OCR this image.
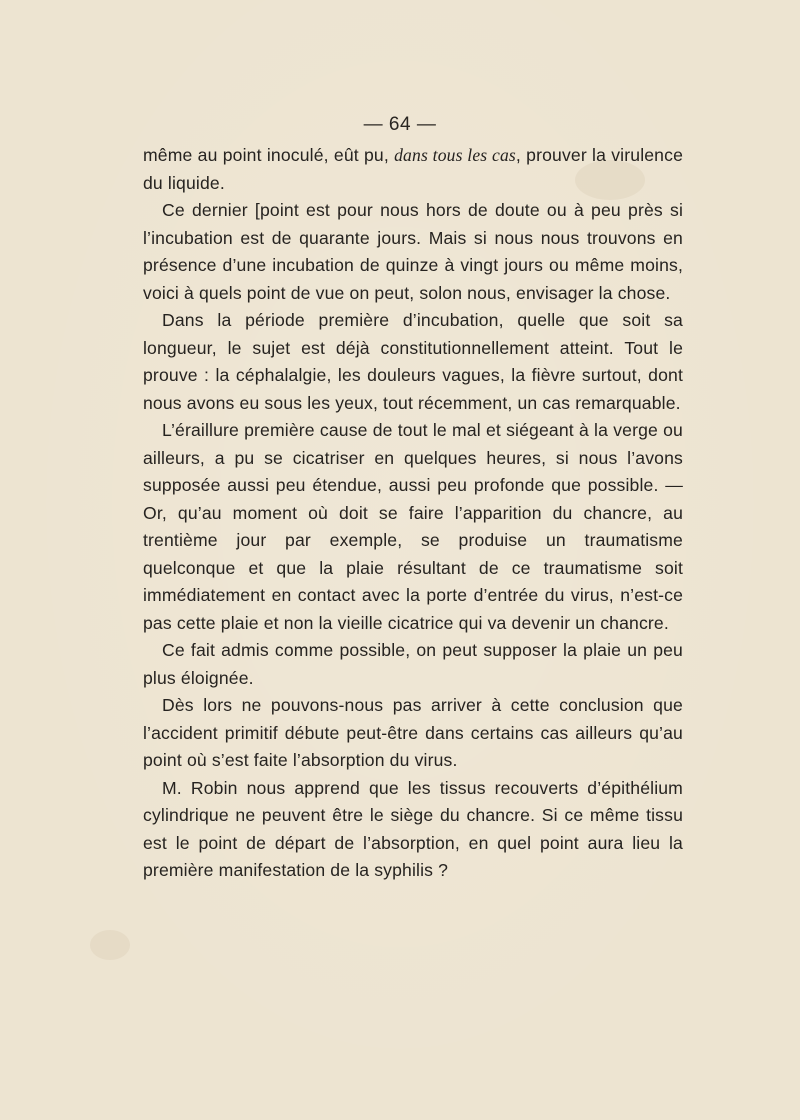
— 64 —

même au point inoculé, eût pu, dans tous les cas, prouver la virulence du liquide.

Ce dernier [point est pour nous hors de doute ou à peu près si l’incubation est de quarante jours. Mais si nous nous trouvons en présence d’une incubation de quinze à vingt jours ou même moins, voici à quels point de vue on peut, solon nous, envisager la chose.

Dans la période première d’incubation, quelle que soit sa longueur, le sujet est déjà constitutionnellement atteint. Tout le prouve : la céphalalgie, les douleurs vagues, la fièvre surtout, dont nous avons eu sous les yeux, tout récemment, un cas remarquable.

L’éraillure première cause de tout le mal et siégeant à la verge ou ailleurs, a pu se cicatriser en quelques heures, si nous l’avons supposée aussi peu étendue, aussi peu profonde que possible. — Or, qu’au moment où doit se faire l’apparition du chancre, au trentième jour par exemple, se produise un traumatisme quelconque et que la plaie résultant de ce traumatisme soit immédiatement en contact avec la porte d’entrée du virus, n’est-ce pas cette plaie et non la vieille cicatrice qui va devenir un chancre.

Ce fait admis comme possible, on peut supposer la plaie un peu plus éloignée.

Dès lors ne pouvons-nous pas arriver à cette conclusion que l’accident primitif débute peut-être dans certains cas ailleurs qu’au point où s’est faite l’absorption du virus.

M. Robin nous apprend que les tissus recouverts d’épithélium cylindrique ne peuvent être le siège du chancre. Si ce même tissu est le point de départ de l’absorption, en quel point aura lieu la première manifestation de la syphilis ?
